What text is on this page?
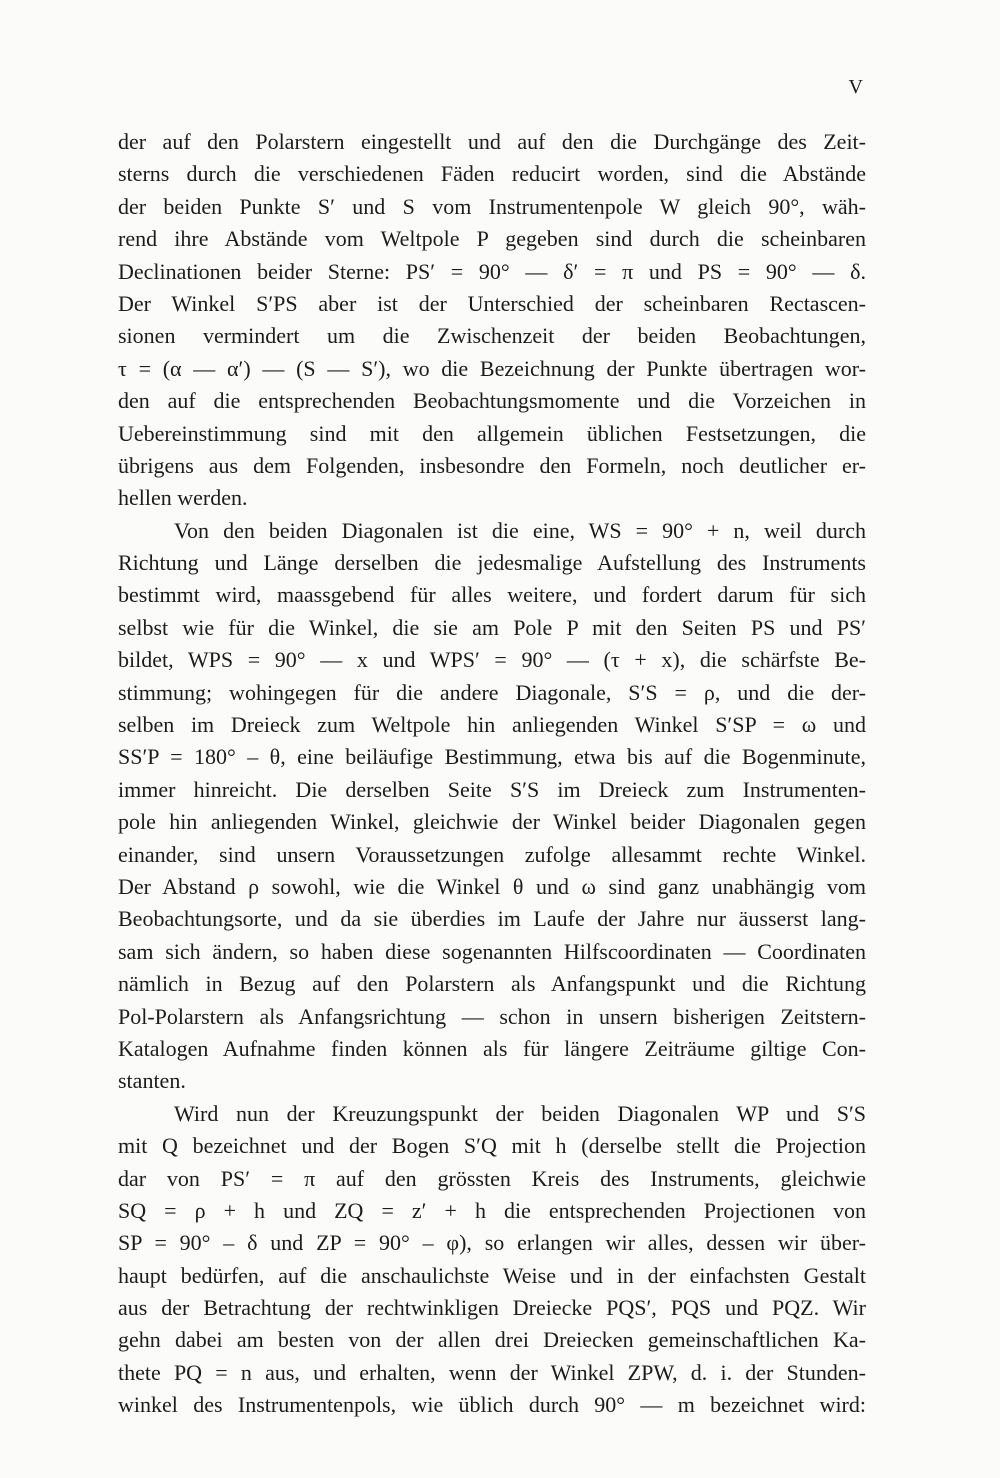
V
der auf den Polarstern eingestellt und auf den die Durchgänge des Zeit-
sterns durch die verschiedenen Fäden reducirt worden, sind die Abstände
der beiden Punkte S′ und S vom Instrumentenpole W gleich 90°, wäh-
rend ihre Abstände vom Weltpole P gegeben sind durch die scheinbaren
Declinationen beider Sterne: PS′ = 90° — δ′ = π und PS = 90° — δ.
Der Winkel S′PS aber ist der Unterschied der scheinbaren Rectascen-
sionen vermindert um die Zwischenzeit der beiden Beobachtungen,
τ = (α — α′) — (S — S′), wo die Bezeichnung der Punkte übertragen wor-
den auf die entsprechenden Beobachtungsmomente und die Vorzeichen in
Uebereinstimmung sind mit den allgemein üblichen Festsetzungen, die
übrigens aus dem Folgenden, insbesondre den Formeln, noch deutlicher er-
hellen werden.
Von den beiden Diagonalen ist die eine, WS = 90° + n, weil durch
Richtung und Länge derselben die jedesmalige Aufstellung des Instruments
bestimmt wird, maassgebend für alles weitere, und fordert darum für sich
selbst wie für die Winkel, die sie am Pole P mit den Seiten PS und PS′
bildet, WPS = 90° — x und WPS′ = 90° — (τ + x), die schärfste Be-
stimmung; wohingegen für die andere Diagonale, S′S = ρ, und die der-
selben im Dreieck zum Weltpole hin anliegenden Winkel S′SP = ω und
SS′P = 180° – θ, eine beiläufige Bestimmung, etwa bis auf die Bogenminute,
immer hinreicht. Die derselben Seite S′S im Dreieck zum Instrumenten-
pole hin anliegenden Winkel, gleichwie der Winkel beider Diagonalen gegen
einander, sind unsern Voraussetzungen zufolge allesammt rechte Winkel.
Der Abstand ρ sowohl, wie die Winkel θ und ω sind ganz unabhängig vom
Beobachtungsorte, und da sie überdies im Laufe der Jahre nur äusserst lang-
sam sich ändern, so haben diese sogenannten Hilfscoordinaten — Coordinaten
nämlich in Bezug auf den Polarstern als Anfangspunkt und die Richtung
Pol-Polarstern als Anfangsrichtung — schon in unsern bisherigen Zeitstern-
Katalogen Aufnahme finden können als für längere Zeiträume giltige Con-
stanten.
Wird nun der Kreuzungspunkt der beiden Diagonalen WP und S′S
mit Q bezeichnet und der Bogen S′Q mit h (derselbe stellt die Projection
dar von PS′ = π auf den grössten Kreis des Instruments, gleichwie
SQ = ρ + h und ZQ = z′ + h die entsprechenden Projectionen von
SP = 90° – δ und ZP = 90° – φ), so erlangen wir alles, dessen wir über-
haupt bedürfen, auf die anschaulichste Weise und in der einfachsten Gestalt
aus der Betrachtung der rechtwinkligen Dreiecke PQS′, PQS und PQZ. Wir
gehn dabei am besten von der allen drei Dreiecken gemeinschaftlichen Ka-
thete PQ = n aus, und erhalten, wenn der Winkel ZPW, d. i. der Stunden-
winkel des Instrumentenpols, wie üblich durch 90° — m bezeichnet wird:
